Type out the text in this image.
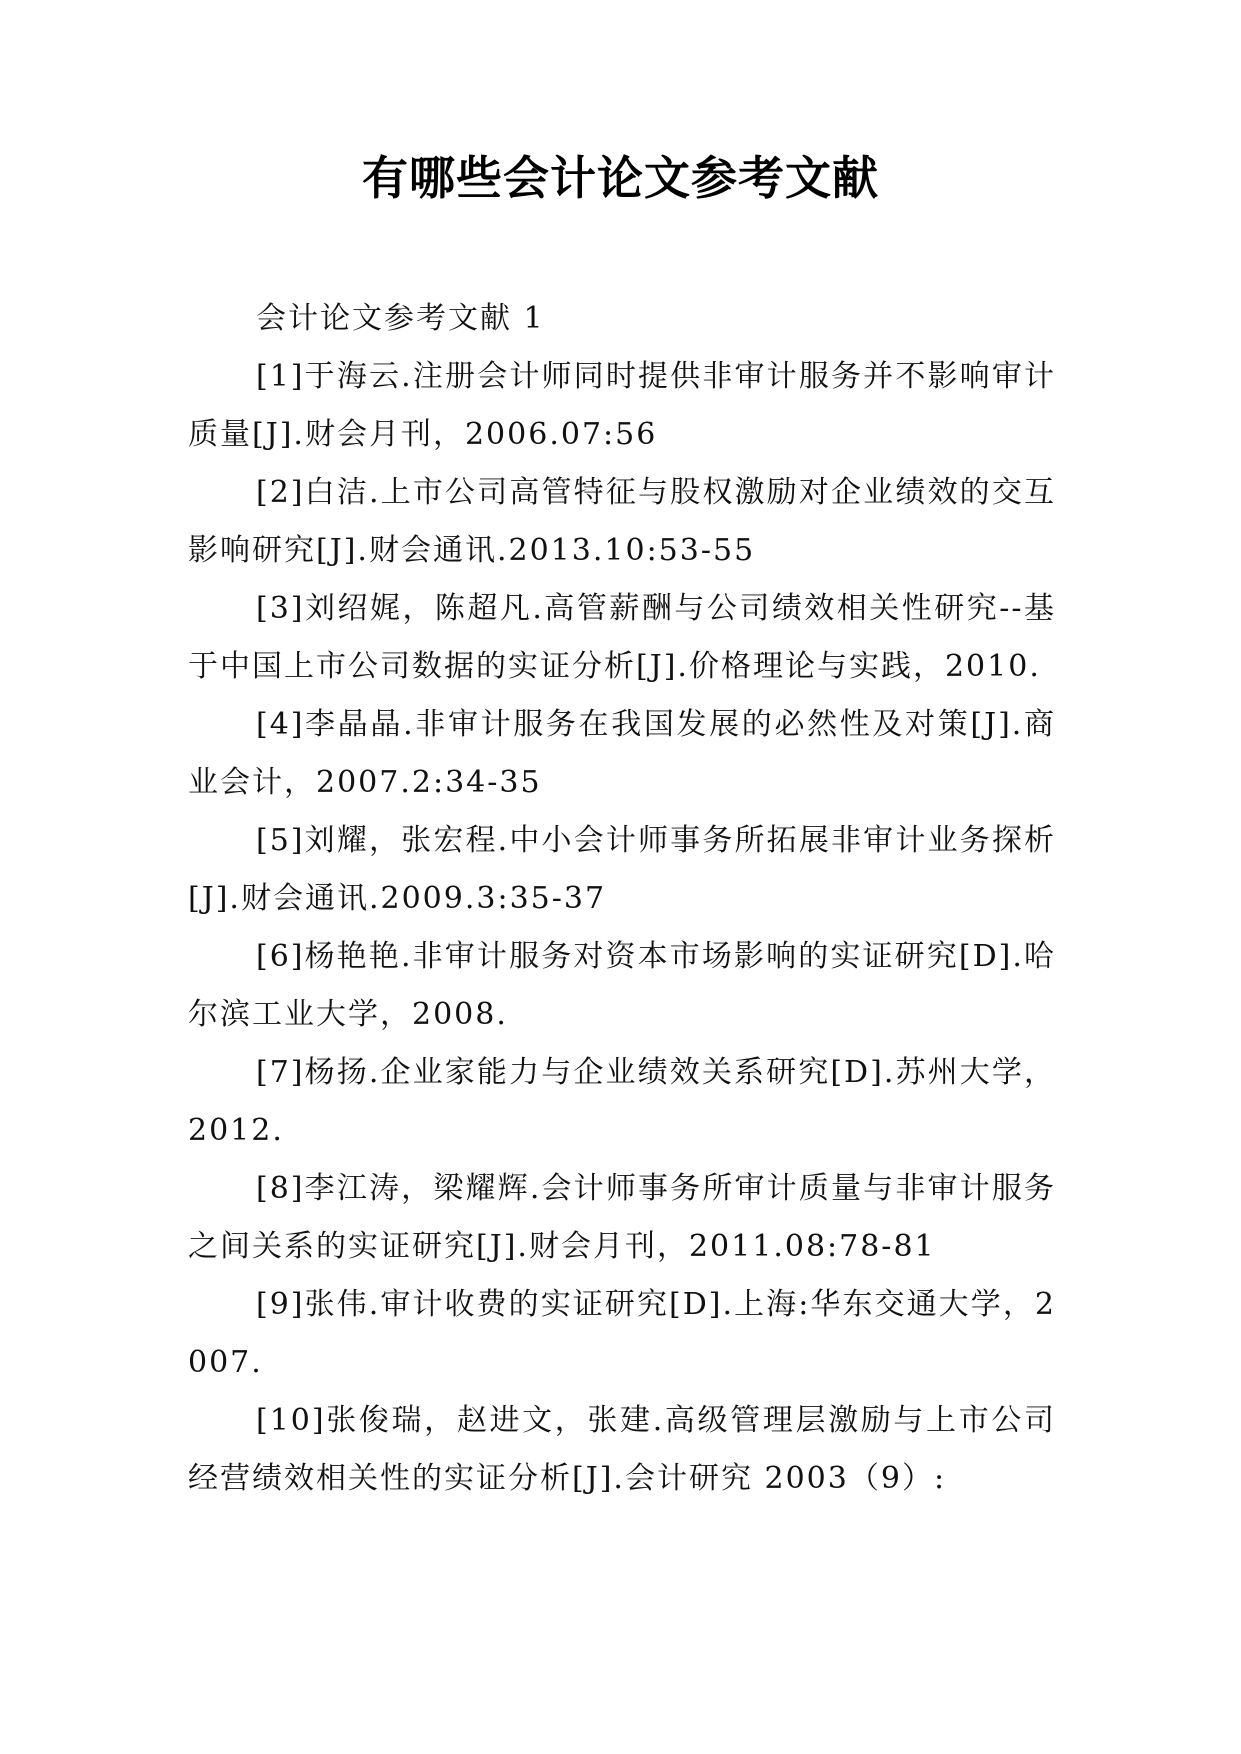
有哪些会计论文参考文献

会计论文参考文献 1

[1]于海云.注册会计师同时提供非审计服务并不影响审计质量[J].财会月刊，2006.07:56

[2]白洁.上市公司高管特征与股权激励对企业绩效的交互影响研究[J].财会通讯.2013.10:53-55

[3]刘绍娓，陈超凡.高管薪酬与公司绩效相关性研究--基于中国上市公司数据的实证分析[J].价格理论与实践，2010.

[4]李晶晶.非审计服务在我国发展的必然性及对策[J].商业会计，2007.2:34-35

[5]刘耀，张宏程.中小会计师事务所拓展非审计业务探析[J].财会通讯.2009.3:35-37

[6]杨艳艳.非审计服务对资本市场影响的实证研究[D].哈尔滨工业大学，2008.

[7]杨扬.企业家能力与企业绩效关系研究[D].苏州大学，2012.

[8]李江涛，梁耀辉.会计师事务所审计质量与非审计服务之间关系的实证研究[J].财会月刊，2011.08:78-81

[9]张伟.审计收费的实证研究[D].上海:华东交通大学，2007.

[10]张俊瑞，赵进文，张建.高级管理层激励与上市公司经营绩效相关性的实证分析[J].会计研究 2003（9）:
